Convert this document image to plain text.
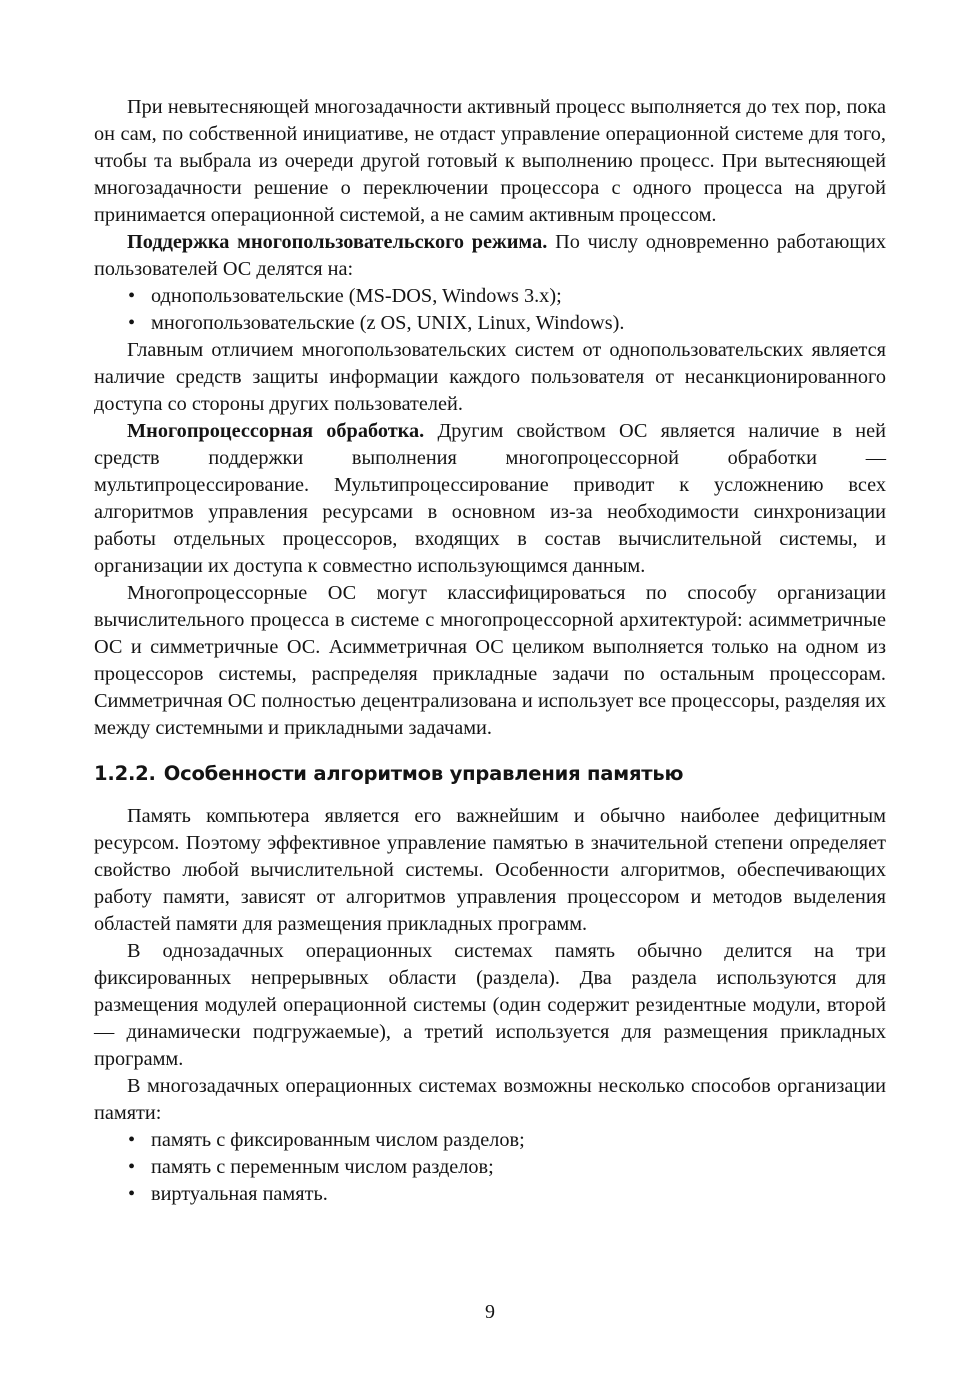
При невытесняющей многозадачности активный процесс выполняется до тех пор, пока он сам, по собственной инициативе, не отдаст управление операционной системе для того, чтобы та выбрала из очереди другой готовый к выполнению процесс. При вытесняющей многозадачности решение о переключении процессора с одного процесса на другой принимается операционной системой, а не самим активным процессом.

Поддержка многопользовательского режима. По числу одновременно работающих пользователей ОС делятся на:

• однопользовательские (MS-DOS, Windows 3.x);
• многопользовательские (z OS, UNIX, Linux, Windows).

Главным отличием многопользовательских систем от однопользовательских является наличие средств защиты информации каждого пользователя от несанкционированного доступа со стороны других пользователей.

Многопроцессорная обработка. Другим свойством ОС является наличие в ней средств поддержки выполнения многопроцессорной обработки — мультипроцессирование. Мультипроцессирование приводит к усложнению всех алгоритмов управления ресурсами в основном из-за необходимости синхронизации работы отдельных процессоров, входящих в состав вычислительной системы, и организации их доступа к совместно использующимся данным.

Многопроцессорные ОС могут классифицироваться по способу организации вычислительного процесса в системе с многопроцессорной архитектурой: асимметричные ОС и симметричные ОС. Асимметричная ОС целиком выполняется только на одном из процессоров системы, распределяя прикладные задачи по остальным процессорам. Симметричная ОС полностью децентрализована и использует все процессоры, разделяя их между системными и прикладными задачами.

1.2.2. Особенности алгоритмов управления памятью

Память компьютера является его важнейшим и обычно наиболее дефицитным ресурсом. Поэтому эффективное управление памятью в значительной степени определяет свойство любой вычислительной системы. Особенности алгоритмов, обеспечивающих работу памяти, зависят от алгоритмов управления процессором и методов выделения областей памяти для размещения прикладных программ.

В однозадачных операционных системах память обычно делится на три фиксированных непрерывных области (раздела). Два раздела используются для размещения модулей операционной системы (один содержит резидентные модули, второй — динамически подгружаемые), а третий используется для размещения прикладных программ.

В многозадачных операционных системах возможны несколько способов организации памяти:

• память с фиксированным числом разделов;
• память с переменным числом разделов;
• виртуальная память.
9
